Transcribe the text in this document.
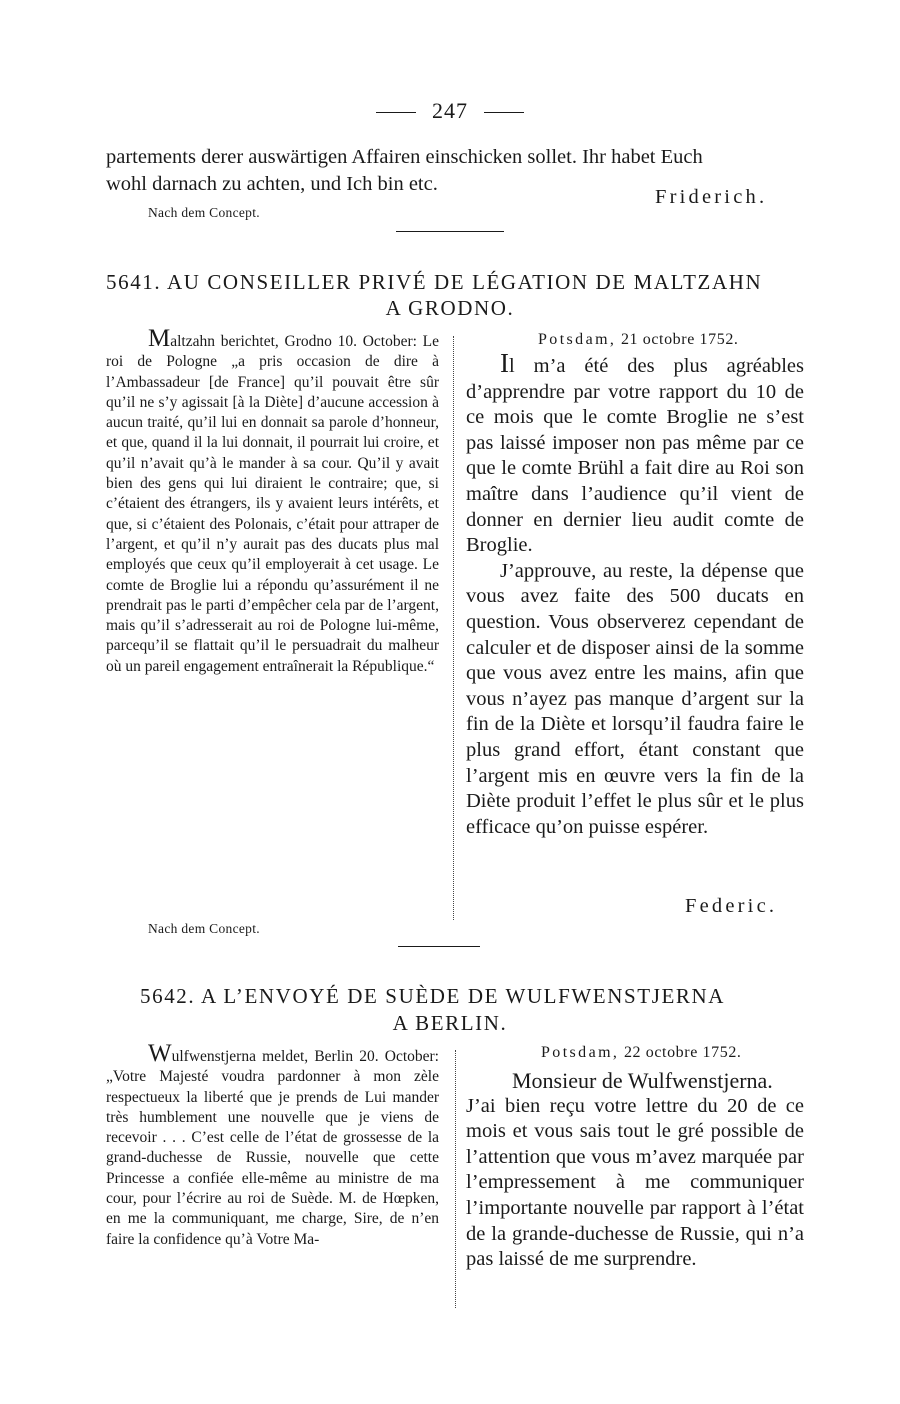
247
partements derer auswärtigen Affairen einschicken sollet. Ihr habet Euch
wohl darnach zu achten, und Ich bin etc.
Friderich.
Nach dem Concept.
5641. AU CONSEILLER PRIVÉ DE LÉGATION DE MALTZAHN
A GRODNO.
Maltzahn berichtet, Grodno 10. October: Le roi de Pologne „a pris occasion de dire à l’Ambassadeur [de France] qu’il pouvait être sûr qu’il ne s’y agissait [à la Diète] d’aucune accession à aucun traité, qu’il lui en donnait sa parole d’honneur, et que, quand il la lui donnait, il pourrait lui croire, et qu’il n’avait qu’à le mander à sa cour. Qu’il y avait bien des gens qui lui diraient le contraire; que, si c’étaient des étrangers, ils y avaient leurs intérêts, et que, si c’étaient des Polonais, c’était pour attraper de l’argent, et qu’il n’y aurait pas des ducats plus mal employés que ceux qu’il employerait à cet usage. Le comte de Broglie lui a répondu qu’assurément il ne prendrait pas le parti d’empêcher cela par de l’argent, mais qu’il s’adresserait au roi de Pologne lui-même, parcequ’il se flattait qu’il le persuadrait du malheur où un pareil engagement entraînerait la République.“
Potsdam, 21 octobre 1752.

Il m’a été des plus agréables d’apprendre par votre rapport du 10 de ce mois que le comte Broglie ne s’est pas laissé imposer non pas même par ce que le comte Brühl a fait dire au Roi son maître dans l’audience qu’il vient de donner en dernier lieu audit comte de Broglie.

J’approuve, au reste, la dépense que vous avez faite des 500 ducats en question. Vous observerez cependant de calculer et de disposer ainsi de la somme que vous avez entre les mains, afin que vous n’ayez pas manque d’argent sur la fin de la Diète et lorsqu’il faudra faire le plus grand effort, étant constant que l’argent mis en œuvre vers la fin de la Diète produit l’effet le plus sûr et le plus efficace qu’on puisse espérer.

Federic.
Nach dem Concept.
5642. A L’ENVOYÉ DE SUÈDE DE WULFWENSTJERNA
A BERLIN.
Wulfwenstjerna meldet, Berlin 20. October: „Votre Majesté voudra pardonner à mon zèle respectueux la liberté que je prends de Lui mander très humblement une nouvelle que je viens de recevoir . . . C’est celle de l’état de grossesse de la grand-duchesse de Russie, nouvelle que cette Princesse a confiée elle-même au ministre de ma cour, pour l’écrire au roi de Suède. M. de Hœpken, en me la communiquant, me charge, Sire, de n’en faire la confidence qu’à Votre Ma-
Potsdam, 22 octobre 1752.

Monsieur de Wulfwenstjerna.

J’ai bien reçu votre lettre du 20 de ce mois et vous sais tout le gré possible de l’attention que vous m’avez marquée par l’empressement à me communiquer l’importante nouvelle par rapport à l’état de la grande-duchesse de Russie, qui n’a pas laissé de me surprendre.
